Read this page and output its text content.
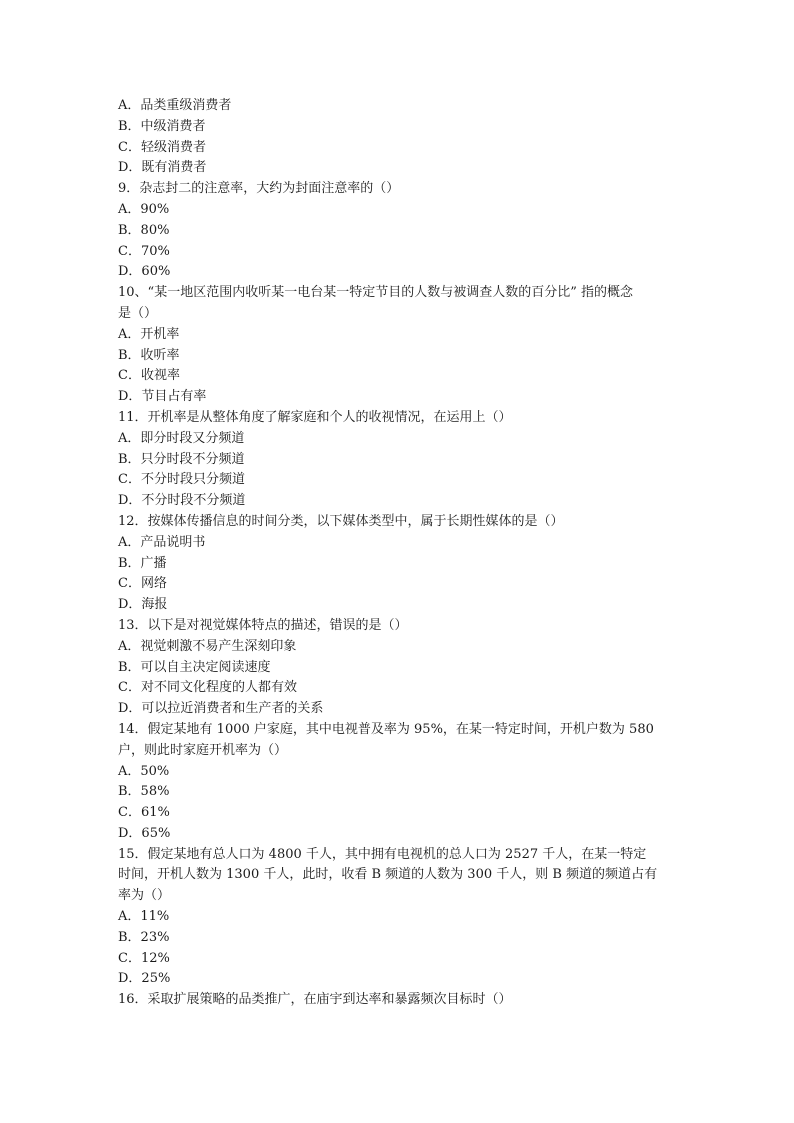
A．品类重级消费者

B．中级消费者

C．轻级消费者

D．既有消费者

9．杂志封二的注意率，大约为封面注意率的（）

A．90%

B．80%

C．70%

D．60%

10、“某一地区范围内收听某一电台某一特定节目的人数与被调查人数的百分比” 指的概念

是（）

A．开机率

B．收听率

C．收视率

D．节目占有率

11．开机率是从整体角度了解家庭和个人的收视情况，在运用上（）

A．即分时段又分频道

B．只分时段不分频道

C．不分时段只分频道

D．不分时段不分频道

12．按媒体传播信息的时间分类，以下媒体类型中，属于长期性媒体的是（）

A．产品说明书

B．广播

C．网络

D．海报

13．以下是对视觉媒体特点的描述，错误的是（）

A．视觉刺激不易产生深刻印象

B．可以自主决定阅读速度

C．对不同文化程度的人都有效

D．可以拉近消费者和生产者的关系

14．假定某地有 1000 户家庭，其中电视普及率为 95%，在某一特定时间，开机户数为 580

户，则此时家庭开机率为（）

A．50%

B．58%

C．61%

D．65%

15．假定某地有总人口为 4800 千人，其中拥有电视机的总人口为 2527 千人，在某一特定

时间，开机人数为 1300 千人，此时，收看 B 频道的人数为 300 千人，则 B 频道的频道占有

率为（）

A．11%

B．23%

C．12%

D．25%

16．采取扩展策略的品类推广，在庙宇到达率和暴露频次目标时（）
